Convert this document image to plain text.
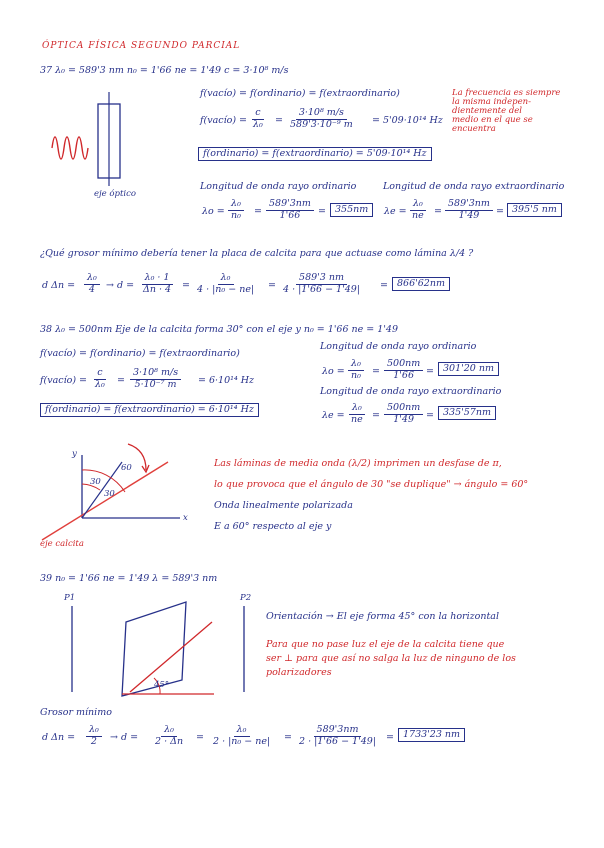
ÓPTICA FÍSICA SEGUNDO PARCIAL
37 λ₀ = 589'3 nm n₀ = 1'66 ne = 1'49 c = 3·10⁸ m/s
eje óptico
f(vacío) = f(ordinario) = f(extraordinario)
f(vacío) = $\frac{c}{\text{λ₀}} = \frac{\text{3·10⁸ m/s}}{\text{589'3·10⁻⁹ m}} = 5'09\cdot 10^{14}$ Hz
La frecuencia es siempre
la misma indepen-
dientemente del
medio en el que se
encuentra
f(ordinario) = f(extraordinario) = 5'09·10¹⁴ Hz
Longitud de onda rayo ordinario	Longitud de onda rayo extraordinario
$\lambda o = \frac{\text{λ₀}}{\text{n₀}} = \frac{589'3nm}{1'66} = 355nm$	$\lambda e = \frac{\text{λ₀}}{ne} = \frac{589'3nm}{1'49} = 395'5$ nm
¿Qué grosor mínimo debería tener la placa de calcita para que actuase como lámina λ/4 ?
d $\Delta n = \frac{\text{λ₀}}{4} \to d = \frac{\text{λ₀ · 1}}{\Delta n \cdot 4} = \frac{\text{λ₀}}{\text{4 · |n₀ − ne|}} = \frac{589'3 nm}{4 \cdot |1'66 - 1'49|} = 866'62nm$
38 λ₀ = 500nm Eje de la calcita forma 30° con el eje y n₀ = 1'66 ne = 1'49
f(vacío) = f(ordinario) = f(extraordinario)
f(vacío) = $\frac{c}{\text{λ₀}} = \frac{\text{3·10⁸ m/s}}{\text{5·10⁻⁷ m}} = 6\cdot 10^{14}$ Hz
f(ordinario) = f(extraordinario) = 6·10¹⁴ Hz
Longitud de onda rayo ordinario
$\lambda o = \frac{\text{λ₀}}{\text{n₀}} = \frac{500nm}{1'66} = 301'20$ nm
Longitud de onda rayo extraordinario
$\lambda e = \frac{\text{λ₀}}{ne} = \frac{500nm}{1'49} = 335'57nm$
y
x
30
60
30
eje calcita
Las láminas de media onda (λ/2) imprimen un desfase de π,
lo que provoca que el ángulo de 30 "se duplique" → ángulo = 60°
Onda linealmente polarizada
E a 60° respecto al eje y
39 n₀ = 1'66 ne = 1'49 λ = 589'3 nm
P1	P2
45°
Orientación → El eje forma 45° con la horizontal
Para que no pase luz el eje de la calcita tiene que
ser ⊥ para que así no salga la luz de ninguno de los
polarizadores
Grosor mínimo
d $\Delta n = \frac{\text{λ₀}}{2} \to d = \frac{\text{λ₀}}{2 \cdot \Delta n} = \frac{\text{λ₀}}{\text{2 · |n₀ − ne|}} = \frac{589'3nm}{2 \cdot |1'66 - 1'49|} = 1733'23$ nm
